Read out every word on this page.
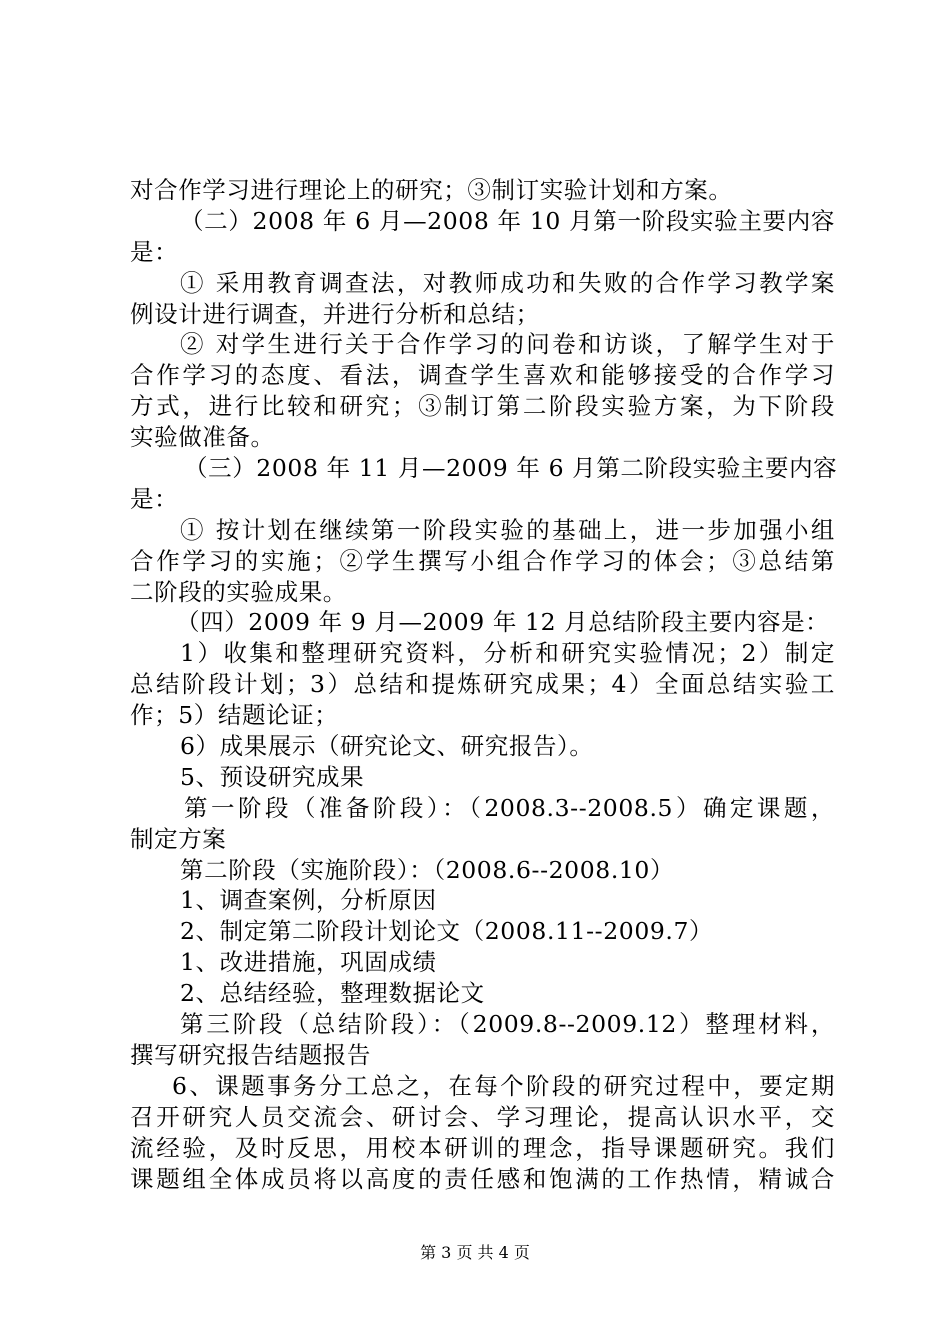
对合作学习进行理论上的研究；③制订实验计划和方案。
（二）2008 年 6 月—2008 年 10 月第一阶段实验主要内容
是：
① 采用教育调查法，对教师成功和失败的合作学习教学案
例设计进行调查，并进行分析和总结；
② 对学生进行关于合作学习的问卷和访谈，了解学生对于
合作学习的态度、看法，调查学生喜欢和能够接受的合作学习
方式，进行比较和研究；③制订第二阶段实验方案，为下阶段
实验做准备。
（三）2008 年 11 月—2009 年 6 月第二阶段实验主要内容
是：
① 按计划在继续第一阶段实验的基础上，进一步加强小组
合作学习的实施；②学生撰写小组合作学习的体会；③总结第
二阶段的实验成果。
（四）2009 年 9 月—2009 年 12 月总结阶段主要内容是：
1）收集和整理研究资料，分析和研究实验情况；2）制定
总结阶段计划；3）总结和提炼研究成果；4）全面总结实验工
作；5）结题论证；
6）成果展示（研究论文、研究报告）。
5、预设研究成果
第一阶段（准备阶段）：（2008.3--2008.5）确定课题，
制定方案
第二阶段（实施阶段）：（2008.6--2008.10）
1、调查案例，分析原因
2、制定第二阶段计划论文（2008.11--2009.7）
1、改进措施，巩固成绩
2、总结经验，整理数据论文
第三阶段（总结阶段）：（2009.8--2009.12）整理材料，
撰写研究报告结题报告
6、课题事务分工总之，在每个阶段的研究过程中，要定期
召开研究人员交流会、研讨会、学习理论，提高认识水平，交
流经验，及时反思，用校本研训的理念，指导课题研究。我们
课题组全体成员将以高度的责任感和饱满的工作热情，精诚合
第 3 页 共 4 页
